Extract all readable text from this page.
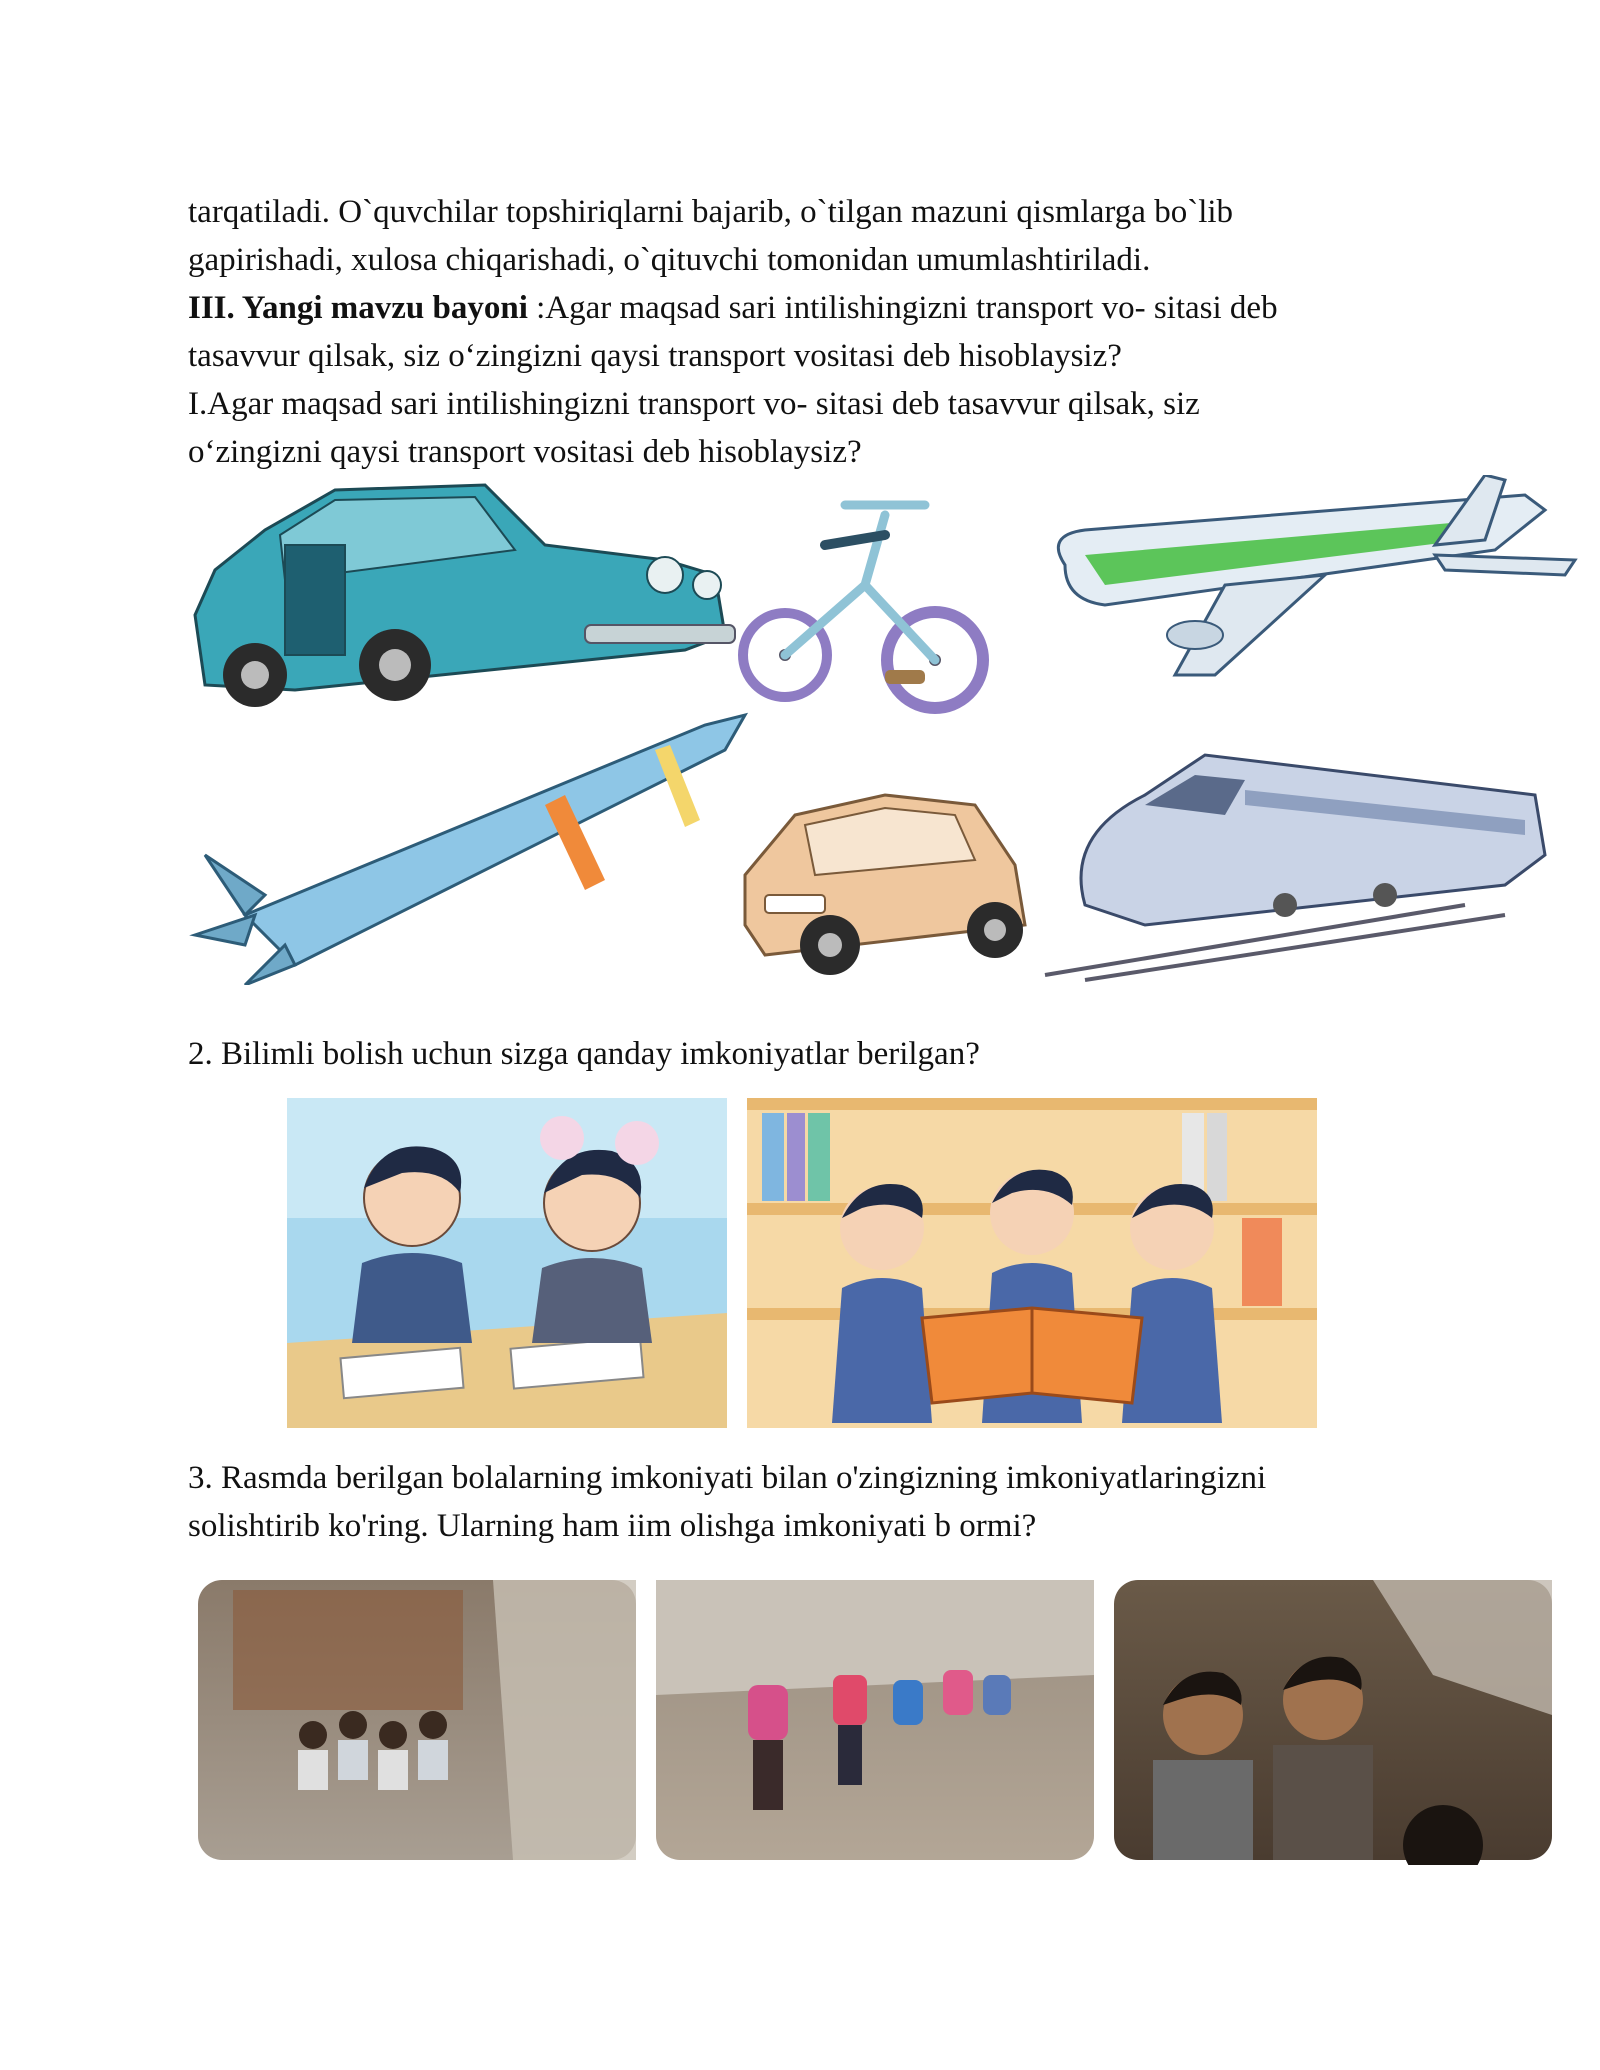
tarqatiladi. O`quvchilar topshiriqlarni bajarib, o`tilgan mazuni qismlarga bo`lib

gapirishadi, xulosa chiqarishadi, o`qituvchi tomonidan umumlashtiriladi.

III. Yangi mavzu bayoni :Agar maqsad sari intilishingizni transport vo- sitasi deb

tasavvur qilsak, siz o‘zingizni qaysi transport vositasi deb hisoblaysiz?

I.Agar maqsad sari intilishingizni transport vo- sitasi deb tasavvur qilsak, siz

o‘zingizni qaysi transport vositasi deb hisoblaysiz?

2. Bilimli bolish uchun sizga qanday imkoniyatlar berilgan?

3. Rasmda berilgan bolalarning imkoniyati bilan o'zingizning imkoniyatlaringizni

solishtirib ko'ring. Ularning ham iim olishga imkoniyati b ormi?
